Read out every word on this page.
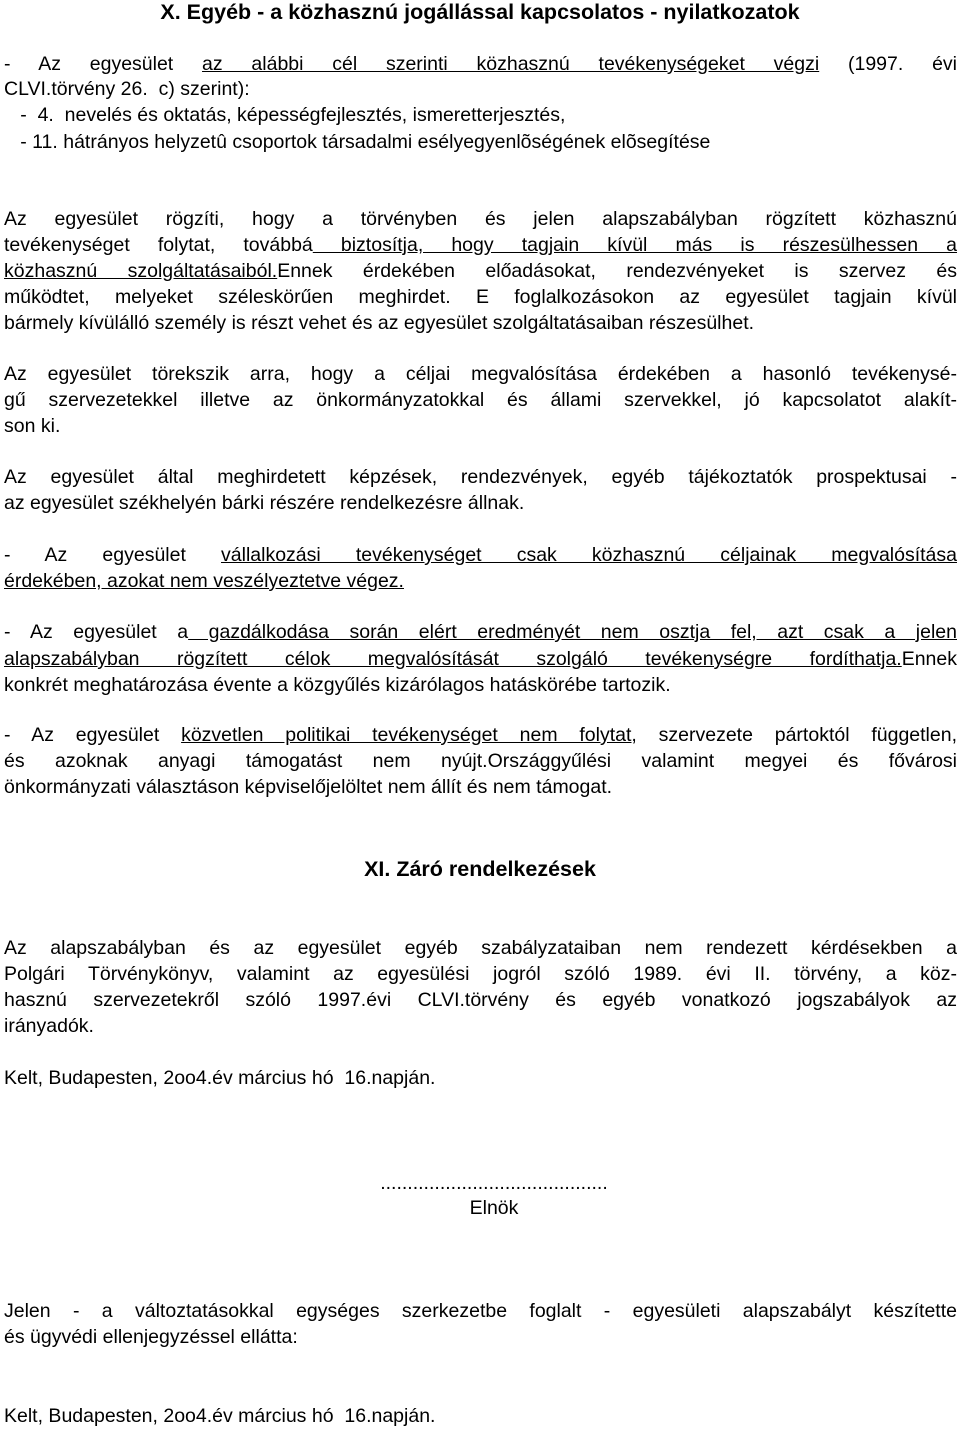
X. Egyéb - a közhasznú jogállással kapcsolatos - nyilatkozatok
- Az egyesület az alábbi cél szerinti közhasznú tevékenységeket végzi (1997. évi
CLVI.törvény 26.  c) szerint):
-  4.  nevelés és oktatás, képességfejlesztés, ismeretterjesztés,
- 11. hátrányos helyzetû csoportok társadalmi esélyegyenlõségének elõsegítése
Az egyesület rögzíti, hogy a törvényben és jelen alapszabályban rögzített közhasznú
tevékenységet folytat, továbbá biztosítja, hogy tagjain kívül más is részesülhessen a
közhasznú szolgáltatásaiból.Ennek érdekében előadásokat, rendezvényeket is szervez és
működtet, melyeket széleskörűen meghirdet. E foglalkozásokon az egyesület tagjain kívül
bármely kívülálló személy is részt vehet és az egyesület szolgáltatásaiban részesülhet.
Az egyesület törekszik arra, hogy a céljai megvalósítása érdekében a hasonló tevékenysé-
gű szervezetekkel illetve az önkormányzatokkal és állami szervekkel, jó kapcsolatot alakít-
son ki.
Az egyesület által meghirdetett képzések, rendezvények, egyéb tájékoztatók prospektusai -
az egyesület székhelyén bárki részére rendelkezésre állnak.
- Az egyesület vállalkozási tevékenységet csak közhasznú céljainak megvalósítása
érdekében, azokat nem veszélyeztetve végez.
- Az egyesület a gazdálkodása során elért eredményét nem osztja fel, azt csak a jelen
alapszabályban rögzített célok megvalósítását szolgáló tevékenységre fordíthatja.Ennek
konkrét meghatározása évente a közgyűlés kizárólagos hatáskörébe tartozik.
- Az egyesület közvetlen politikai tevékenységet nem folytat, szervezete pártoktól független,
és azoknak anyagi támogatást nem nyújt.Országgyűlési valamint megyei és fővárosi
önkormányzati választáson képviselőjelöltet nem állít és nem támogat.
XI. Záró rendelkezések
Az alapszabályban és az egyesület egyéb szabályzataiban nem rendezett kérdésekben a
Polgári Törvénykönyv, valamint az egyesülési jogról szóló 1989. évi II. törvény, a köz-
hasznú szervezetekről szóló 1997.évi CLVI.törvény és egyéb vonatkozó jogszabályok az
irányadók.
Kelt, Budapesten, 2oo4.év március hó  16.napján.
..........................................
Elnök
Jelen - a változtatásokkal egységes szerkezetbe foglalt - egyesületi alapszabályt készítette
és ügyvédi ellenjegyzéssel ellátta:
Kelt, Budapesten, 2oo4.év március hó  16.napján.
